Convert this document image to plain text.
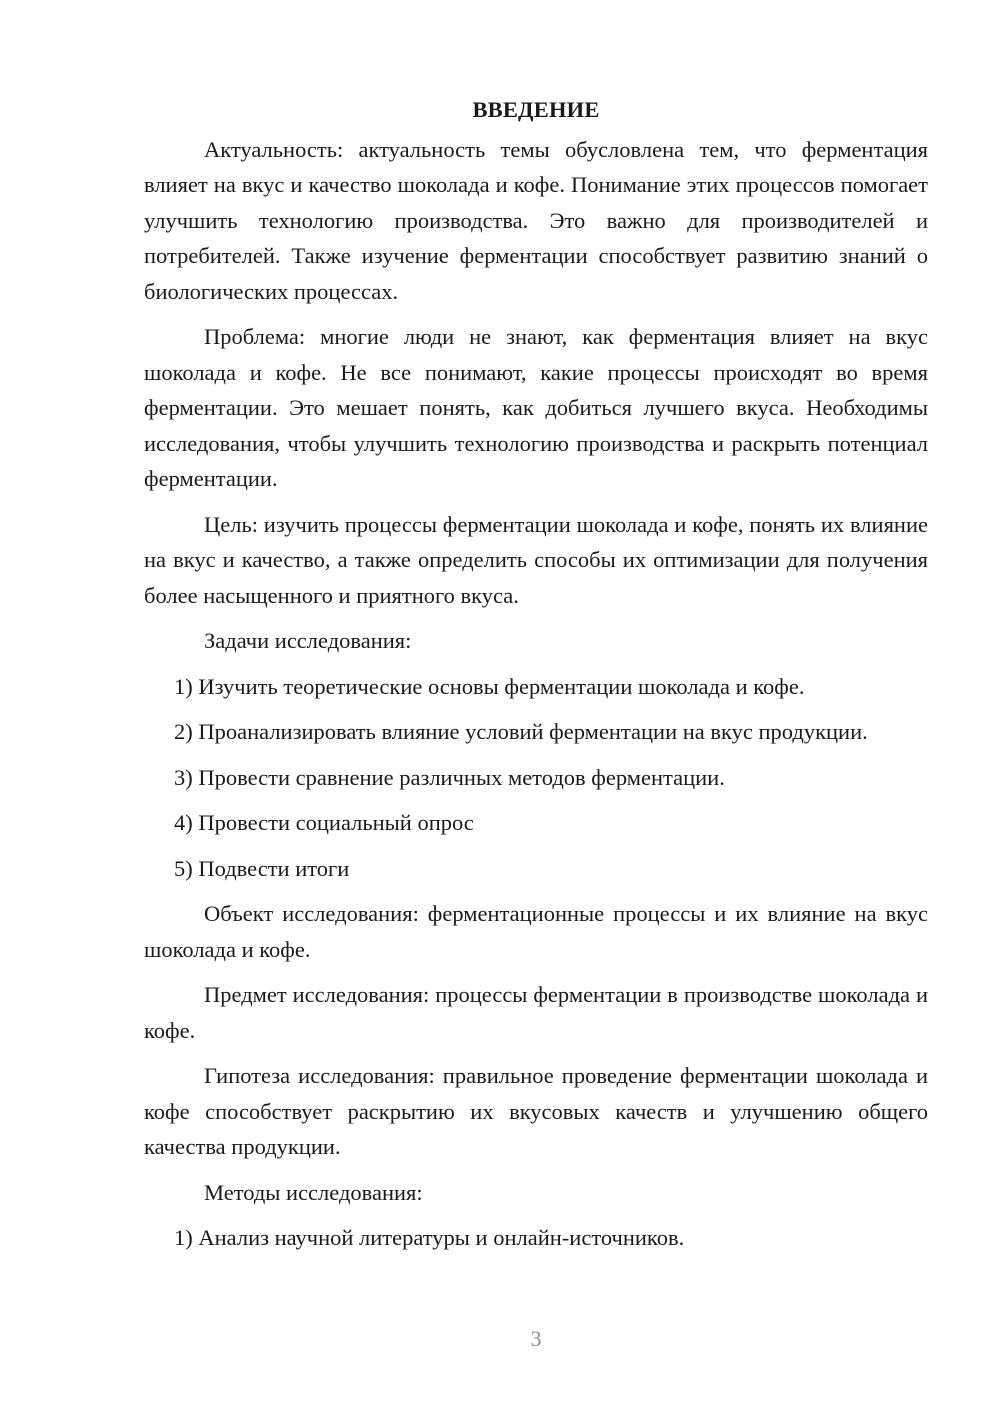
ВВЕДЕНИЕ

Актуальность: актуальность темы обусловлена тем, что ферментация влияет на вкус и качество шоколада и кофе. Понимание этих процессов помогает улучшить технологию производства. Это важно для производителей и потребителей. Также изучение ферментации способствует развитию знаний о биологических процессах.

Проблема: многие люди не знают, как ферментация влияет на вкус шоколада и кофе. Не все понимают, какие процессы происходят во время ферментации. Это мешает понять, как добиться лучшего вкуса. Необходимы исследования, чтобы улучшить технологию производства и раскрыть потенциал ферментации.

Цель: изучить процессы ферментации шоколада и кофе, понять их влияние на вкус и качество, а также определить способы их оптимизации для получения более насыщенного и приятного вкуса.

Задачи исследования:

1) Изучить теоретические основы ферментации шоколада и кофе.

2) Проанализировать влияние условий ферментации на вкус продукции.

3) Провести сравнение различных методов ферментации.

4) Провести социальный опрос

5) Подвести итоги

Объект исследования: ферментационные процессы и их влияние на вкус шоколада и кофе.

Предмет исследования: процессы ферментации в производстве шоколада и кофе.

Гипотеза исследования: правильное проведение ферментации шоколада и кофе способствует раскрытию их вкусовых качеств и улучшению общего качества продукции.

Методы исследования:

1) Анализ научной литературы и онлайн-источников.

3
